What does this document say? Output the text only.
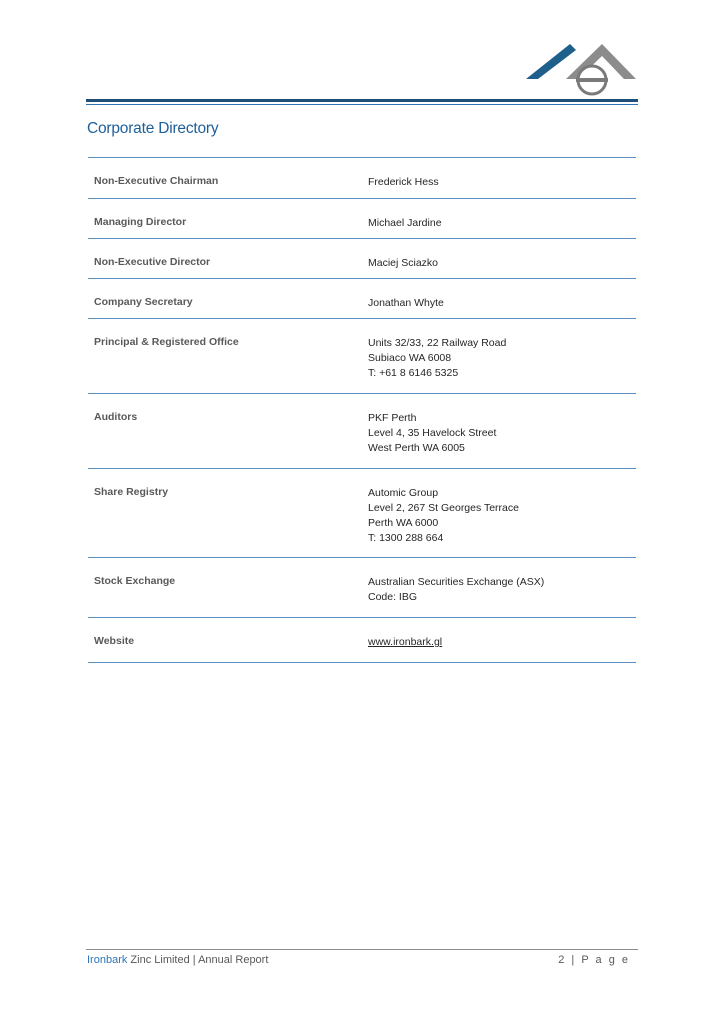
Corporate Directory
Non-Executive Chairman	Frederick Hess
Managing Director	Michael Jardine
Non-Executive Director	Maciej Sciazko
Company Secretary	Jonathan Whyte
Principal & Registered Office	Units 32/33, 22 Railway Road
Subiaco WA 6008
T: +61 8 6146 5325
Auditors	PKF Perth
Level 4, 35 Havelock Street
West Perth WA 6005
Share Registry	Automic Group
Level 2, 267 St Georges Terrace
Perth WA 6000
T: 1300 288 664
Stock Exchange	Australian Securities Exchange (ASX)
Code: IBG
Website	www.ironbark.gl
Ironbark Zinc Limited | Annual Report	2 | P a g e
